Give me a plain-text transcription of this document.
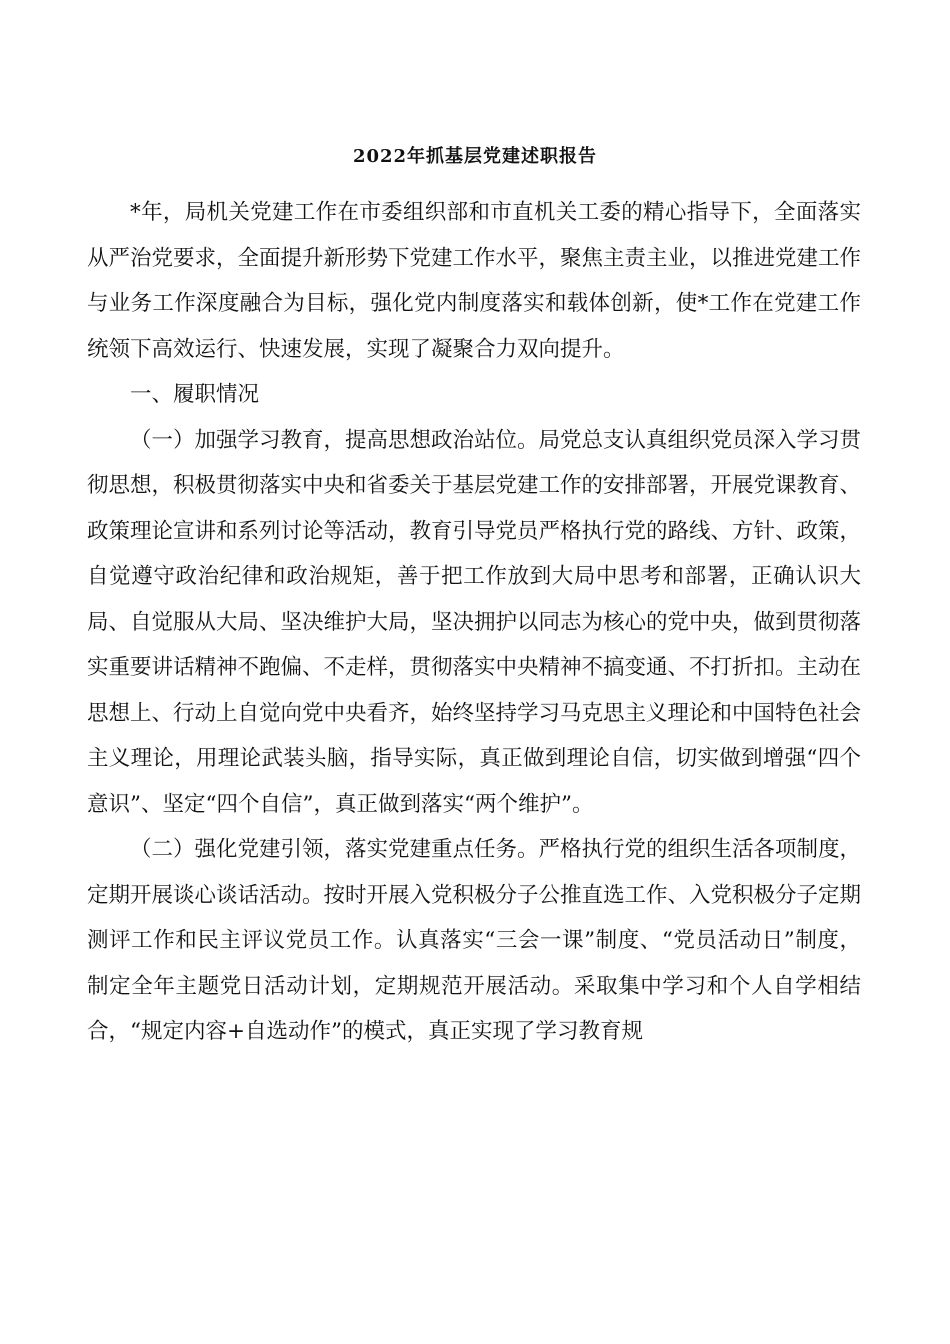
2022年抓基层党建述职报告

*年，局机关党建工作在市委组织部和市直机关工委的精心指导下，全面落实从严治党要求，全面提升新形势下党建工作水平，聚焦主责主业，以推进党建工作与业务工作深度融合为目标，强化党内制度落实和载体创新，使*工作在党建工作统领下高效运行、快速发展，实现了凝聚合力双向提升。

一、履职情况

（一）加强学习教育，提高思想政治站位。局党总支认真组织党员深入学习贯彻思想，积极贯彻落实中央和省委关于基层党建工作的安排部署，开展党课教育、政策理论宣讲和系列讨论等活动，教育引导党员严格执行党的路线、方针、政策，自觉遵守政治纪律和政治规矩，善于把工作放到大局中思考和部署，正确认识大局、自觉服从大局、坚决维护大局，坚决拥护以同志为核心的党中央，做到贯彻落实重要讲话精神不跑偏、不走样，贯彻落实中央精神不搞变通、不打折扣。主动在思想上、行动上自觉向党中央看齐，始终坚持学习马克思主义理论和中国特色社会主义理论，用理论武装头脑，指导实际，真正做到理论自信，切实做到增强“四个意识”、坚定“四个自信”，真正做到落实“两个维护”。

（二）强化党建引领，落实党建重点任务。严格执行党的组织生活各项制度，定期开展谈心谈话活动。按时开展入党积极分子公推直选工作、入党积极分子定期测评工作和民主评议党员工作。认真落实“三会一课”制度、“党员活动日”制度，制定全年主题党日活动计划，定期规范开展活动。采取集中学习和个人自学相结合，“规定内容+自选动作”的模式，真正实现了学习教育规
